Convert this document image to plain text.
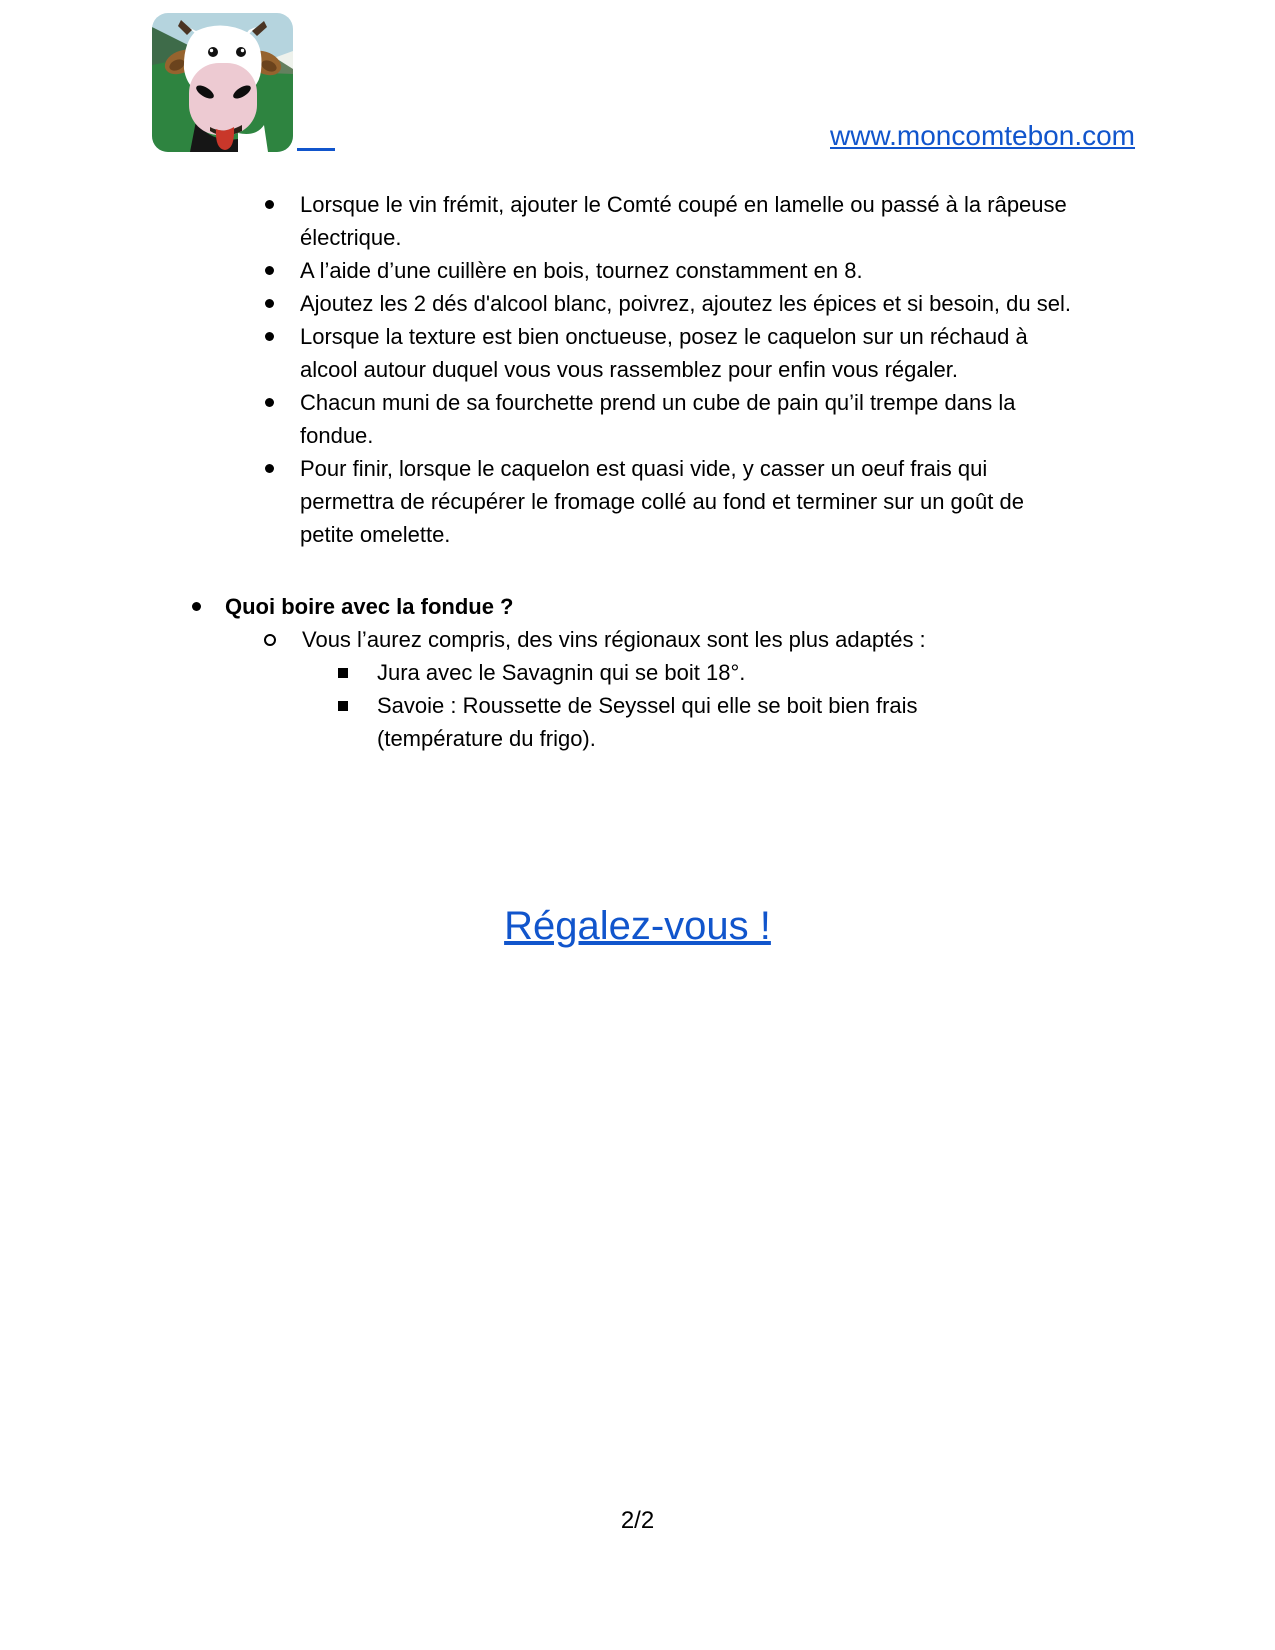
www.moncomtebon.com
Lorsque le vin frémit, ajouter le Comté coupé en lamelle ou passé à la râpeuse électrique.
A l’aide d’une cuillère en bois, tournez constamment en 8.
Ajoutez les 2 dés d'alcool blanc, poivrez, ajoutez les épices et si besoin, du sel.
Lorsque la texture est bien onctueuse, posez le caquelon sur un réchaud à alcool autour duquel vous vous rassemblez pour enfin vous régaler.
Chacun muni de sa fourchette prend un cube de pain qu’il trempe dans la fondue.
Pour finir, lorsque le caquelon est quasi vide, y casser un oeuf frais qui permettra de récupérer le fromage collé au fond et terminer sur un goût de petite omelette.
Quoi boire avec la fondue ?
Vous l’aurez compris, des vins régionaux sont les plus adaptés :
Jura avec le Savagnin qui se boit 18°.
Savoie : Roussette de Seyssel qui elle se boit bien frais (température du frigo).
Régalez-vous !
2/2
